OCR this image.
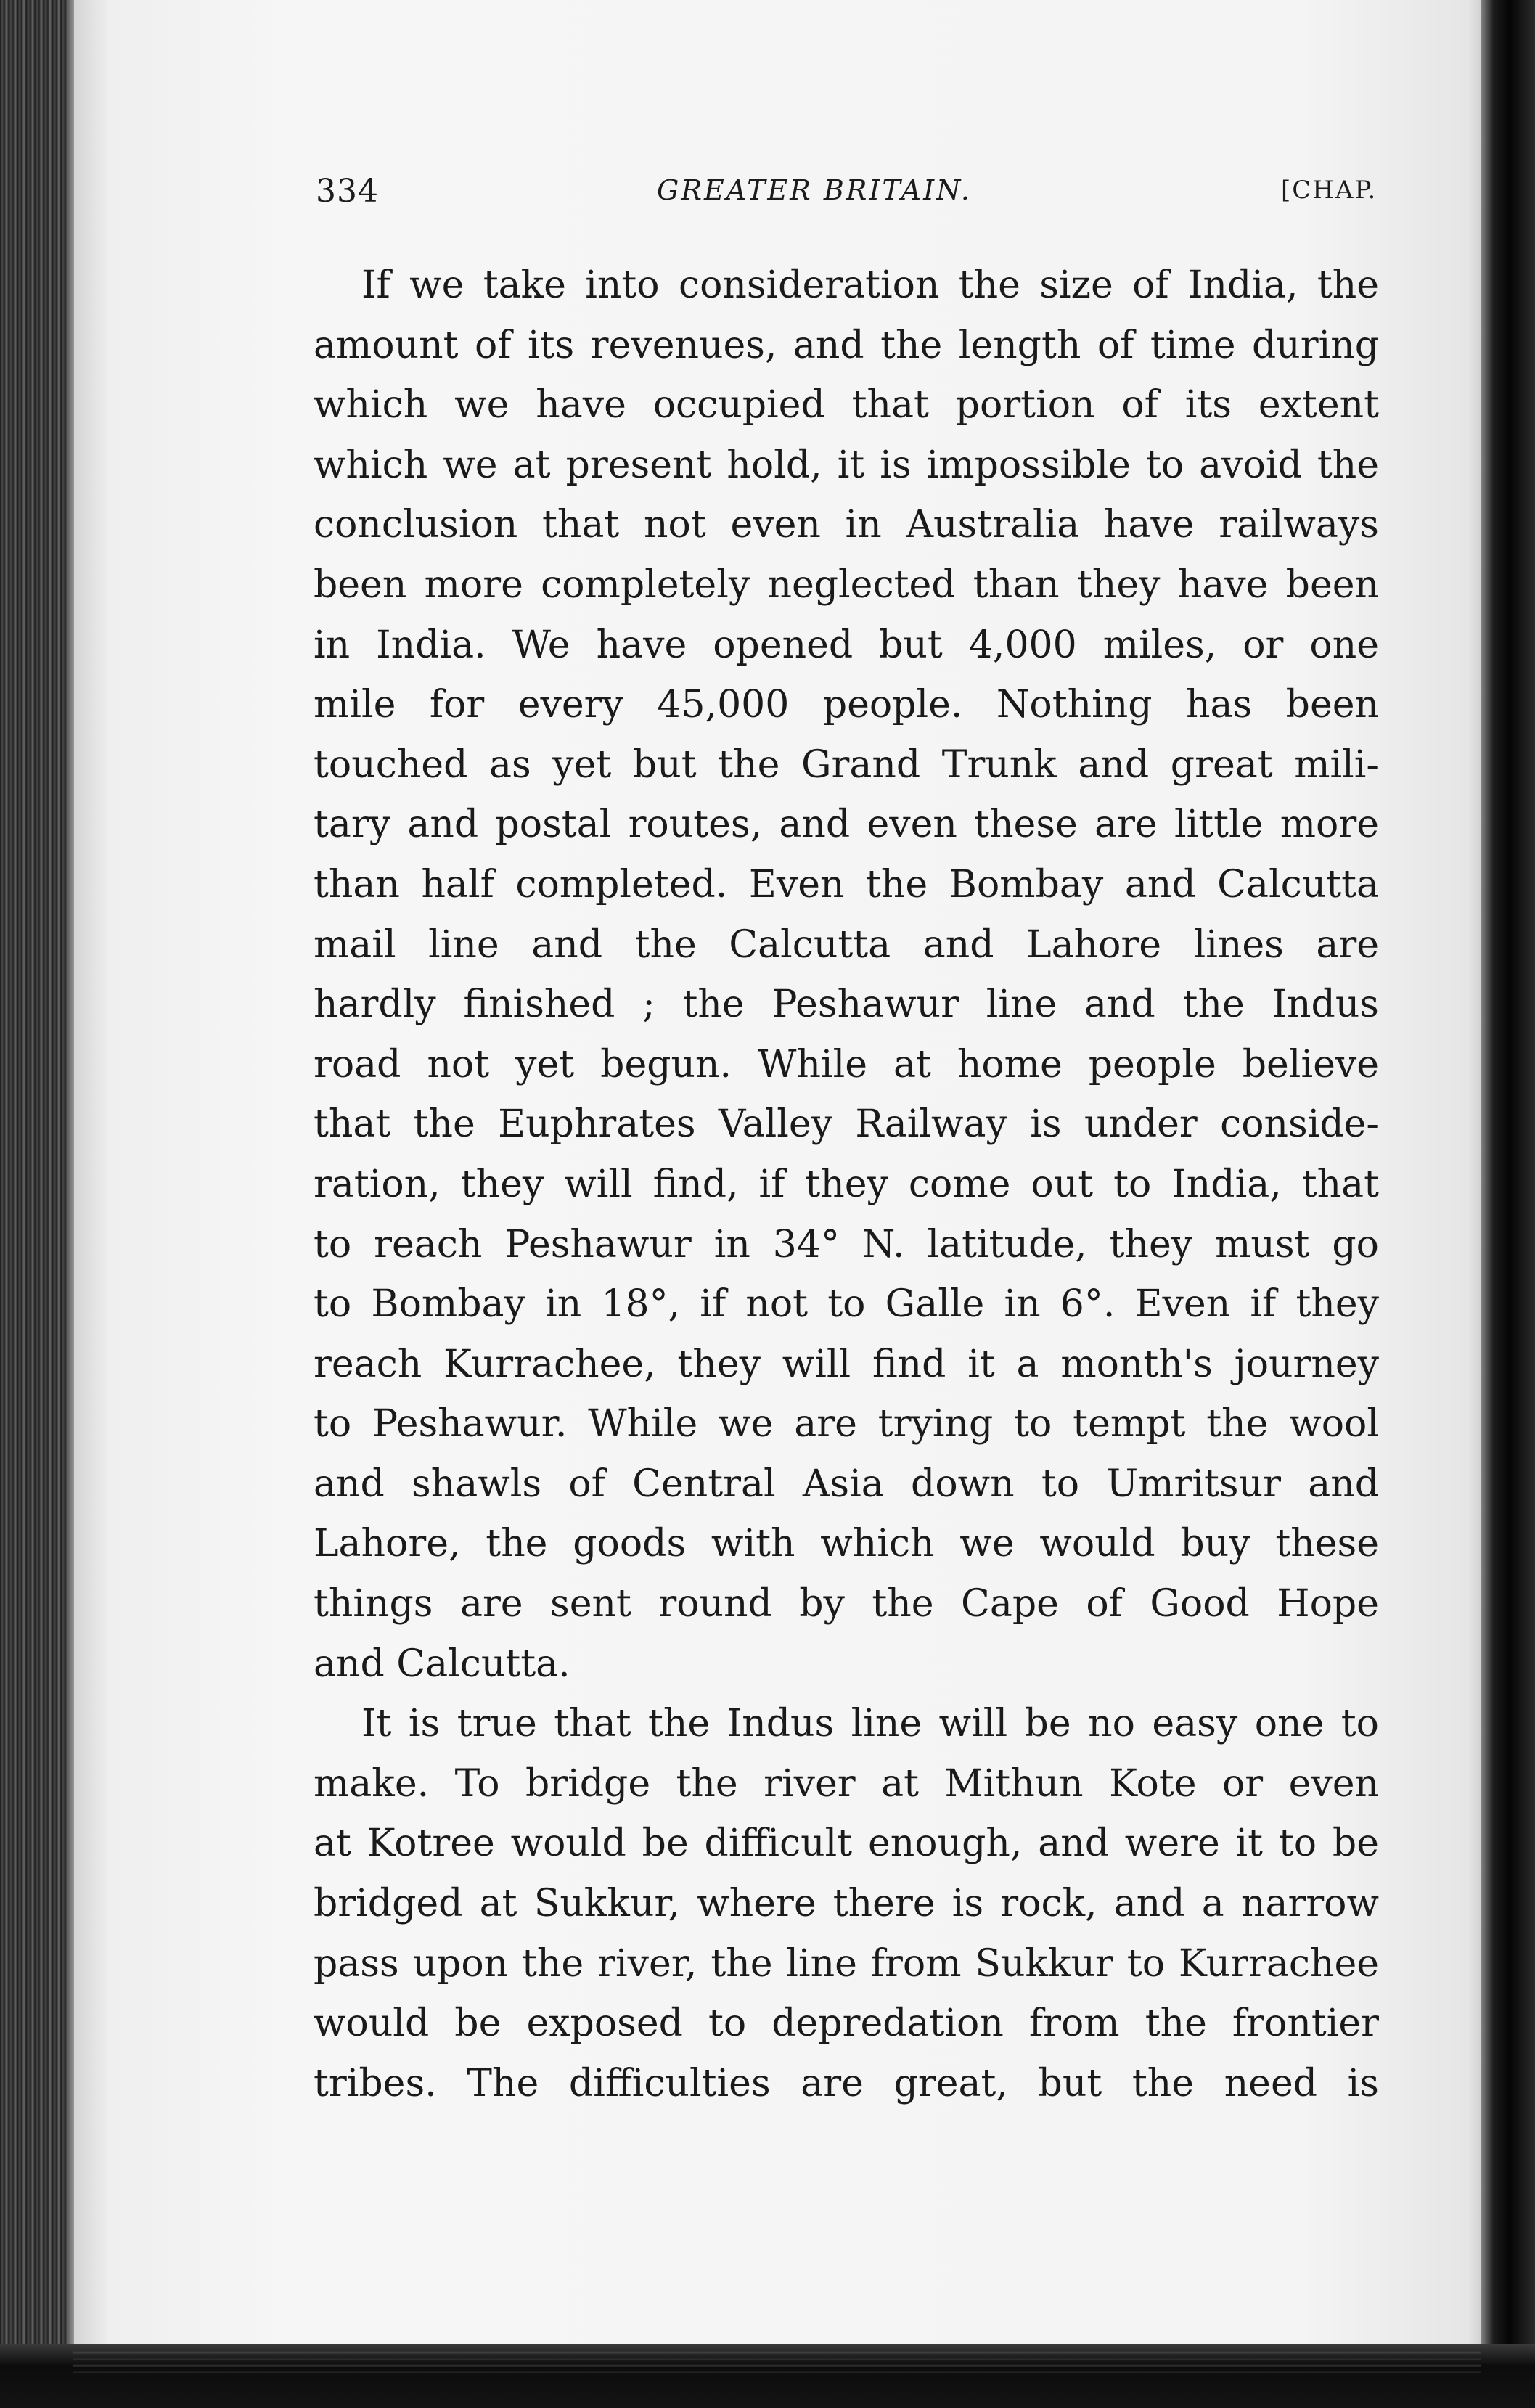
334	GREATER BRITAIN.	[CHAP.
If we take into consideration the size of India, the
amount of its revenues, and the length of time during
which we have occupied that portion of its extent
which we at present hold, it is impossible to avoid the
conclusion that not even in Australia have railways
been more completely neglected than they have been
in India. We have opened but 4,000 miles, or one
mile for every 45,000 people. Nothing has been
touched as yet but the Grand Trunk and great mili-
tary and postal routes, and even these are little more
than half completed. Even the Bombay and Calcutta
mail line and the Calcutta and Lahore lines are
hardly finished ; the Peshawur line and the Indus
road not yet begun. While at home people believe
that the Euphrates Valley Railway is under conside-
ration, they will find, if they come out to India, that
to reach Peshawur in 34° N. latitude, they must go
to Bombay in 18°, if not to Galle in 6°. Even if they
reach Kurrachee, they will find it a month's journey
to Peshawur. While we are trying to tempt the wool
and shawls of Central Asia down to Umritsur and
Lahore, the goods with which we would buy these
things are sent round by the Cape of Good Hope
and Calcutta.
It is true that the Indus line will be no easy one to
make. To bridge the river at Mithun Kote or even
at Kotree would be difficult enough, and were it to be
bridged at Sukkur, where there is rock, and a narrow
pass upon the river, the line from Sukkur to Kurrachee
would be exposed to depredation from the frontier
tribes. The difficulties are great, but the need is
